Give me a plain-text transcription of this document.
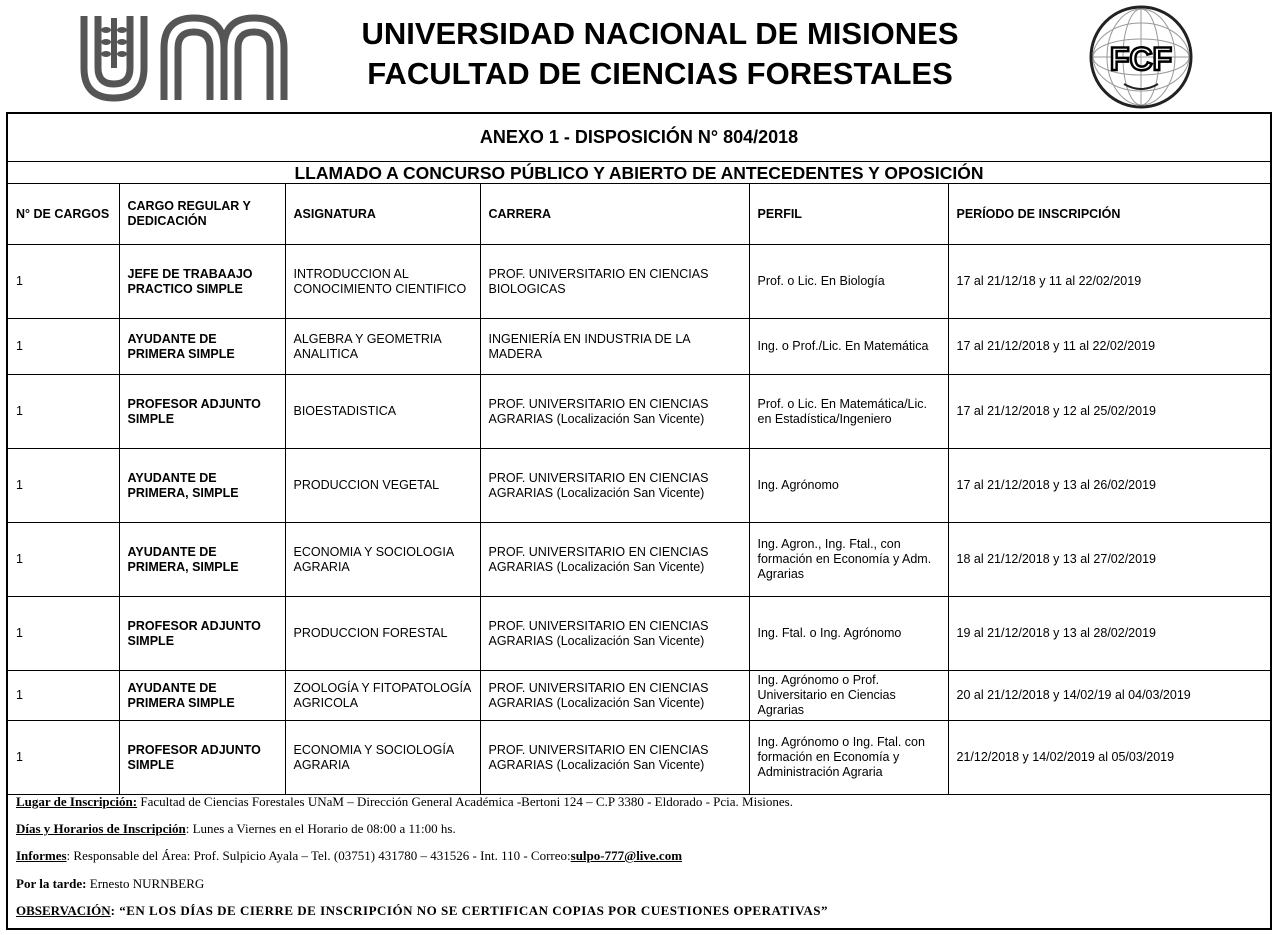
UNIVERSIDAD NACIONAL DE MISIONES
FACULTAD DE CIENCIAS FORESTALES	FCF
ANEXO 1 - DISPOSICIÓN N° 804/2018
LLAMADO A CONCURSO PÚBLICO Y ABIERTO DE ANTECEDENTES Y OPOSICIÓN
N° DE CARGOS	CARGO REGULAR Y DEDICACIÓN	ASIGNATURA	CARRERA	PERFIL	PERÍODO DE INSCRIPCIÓN
1	JEFE DE TRABAAJO PRACTICO SIMPLE	INTRODUCCION AL CONOCIMIENTO CIENTIFICO	PROF. UNIVERSITARIO EN CIENCIAS BIOLOGICAS	Prof. o Lic. En Biología	17 al 21/12/18 y 11 al 22/02/2019
1	AYUDANTE DE PRIMERA SIMPLE	ALGEBRA Y GEOMETRIA ANALITICA	INGENIERÍA EN INDUSTRIA DE LA MADERA	Ing. o Prof./Lic. En Matemática	17 al 21/12/2018 y 11 al 22/02/2019
1	PROFESOR ADJUNTO SIMPLE	BIOESTADISTICA	PROF. UNIVERSITARIO EN CIENCIAS AGRARIAS (Localización San Vicente)	Prof. o Lic. En Matemática/Lic. en Estadística/Ingeniero	17 al 21/12/2018 y 12 al 25/02/2019
1	AYUDANTE DE PRIMERA, SIMPLE	PRODUCCION VEGETAL	PROF. UNIVERSITARIO EN CIENCIAS AGRARIAS (Localización San Vicente)	Ing. Agrónomo	17 al 21/12/2018 y 13 al 26/02/2019
1	AYUDANTE DE PRIMERA, SIMPLE	ECONOMIA Y SOCIOLOGIA AGRARIA	PROF. UNIVERSITARIO EN CIENCIAS AGRARIAS (Localización San Vicente)	Ing. Agron., Ing. Ftal., con formación en Economía y Adm. Agrarias	18 al 21/12/2018 y 13 al 27/02/2019
1	PROFESOR ADJUNTO SIMPLE	PRODUCCION FORESTAL	PROF. UNIVERSITARIO EN CIENCIAS AGRARIAS (Localización San Vicente)	Ing. Ftal. o Ing. Agrónomo	19 al 21/12/2018 y 13 al 28/02/2019
1	AYUDANTE DE PRIMERA SIMPLE	ZOOLOGÍA Y FITOPATOLOGÍA AGRICOLA	PROF. UNIVERSITARIO EN CIENCIAS AGRARIAS (Localización San Vicente)	Ing. Agrónomo o Prof. Universitario en Ciencias Agrarias	20 al 21/12/2018 y 14/02/19 al 04/03/2019
1	PROFESOR ADJUNTO SIMPLE	ECONOMIA Y SOCIOLOGÍA AGRARIA	PROF. UNIVERSITARIO EN CIENCIAS AGRARIAS (Localización San Vicente)	Ing. Agrónomo o Ing. Ftal. con formación en Economía y Administración Agraria	21/12/2018 y 14/02/2019 al 05/03/2019
Lugar de Inscripción: Facultad de Ciencias Forestales UNaM – Dirección General Académica -Bertoni 124 – C.P 3380 - Eldorado - Pcia. Misiones.
Días y Horarios de Inscripción: Lunes a Viernes en el Horario de 08:00 a 11:00 hs.
Informes: Responsable del Área: Prof. Sulpicio Ayala – Tel. (03751) 431780 – 431526 - Int. 110 - Correo:sulpo-777@live.com
Por la tarde: Ernesto NURNBERG
OBSERVACIÓN: “EN LOS DÍAS DE CIERRE DE INSCRIPCIÓN NO SE CERTIFICAN COPIAS POR CUESTIONES OPERATIVAS”
